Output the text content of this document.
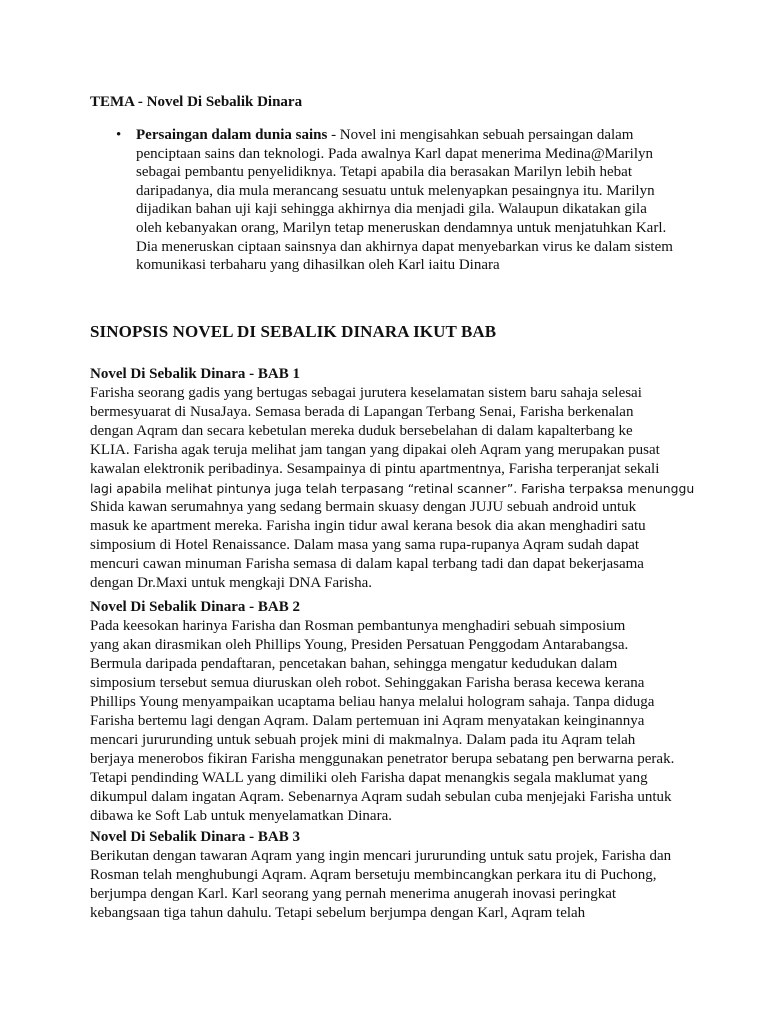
TEMA - Novel Di Sebalik Dinara
• Persaingan dalam dunia sains - Novel ini mengisahkan sebuah persaingan dalam
penciptaan sains dan teknologi. Pada awalnya Karl dapat menerima Medina@Marilyn
sebagai pembantu penyelidiknya. Tetapi apabila dia berasakan Marilyn lebih hebat
daripadanya, dia mula merancang sesuatu untuk melenyapkan pesaingnya itu. Marilyn
dijadikan bahan uji kaji sehingga akhirnya dia menjadi gila. Walaupun dikatakan gila
oleh kebanyakan orang, Marilyn tetap meneruskan dendamnya untuk menjatuhkan Karl.
Dia meneruskan ciptaan sainsnya dan akhirnya dapat menyebarkan virus ke dalam sistem
komunikasi terbaharu yang dihasilkan oleh Karl iaitu Dinara
SINOPSIS NOVEL DI SEBALIK DINARA IKUT BAB
Novel Di Sebalik Dinara - BAB 1
Farisha seorang gadis yang bertugas sebagai jurutera keselamatan sistem baru sahaja selesai
bermesyuarat di NusaJaya. Semasa berada di Lapangan Terbang Senai, Farisha berkenalan
dengan Aqram dan secara kebetulan mereka duduk bersebelahan di dalam kapalterbang ke
KLIA. Farisha agak teruja melihat jam tangan yang dipakai oleh Aqram yang merupakan pusat
kawalan elektronik peribadinya. Sesampainya di pintu apartmentnya, Farisha terperanjat sekali
lagi apabila melihat pintunya juga telah terpasang “retinal scanner”. Farisha terpaksa menunggu
Shida kawan serumahnya yang sedang bermain skuasy dengan JUJU sebuah android untuk
masuk ke apartment mereka. Farisha ingin tidur awal kerana besok dia akan menghadiri satu
simposium di Hotel Renaissance. Dalam masa yang sama rupa-rupanya Aqram sudah dapat
mencuri cawan minuman Farisha semasa di dalam kapal terbang tadi dan dapat bekerjasama
dengan Dr.Maxi untuk mengkaji DNA Farisha.
Novel Di Sebalik Dinara - BAB 2
Pada keesokan harinya Farisha dan Rosman pembantunya menghadiri sebuah simposium
yang akan dirasmikan oleh Phillips Young, Presiden Persatuan Penggodam Antarabangsa.
Bermula daripada pendaftaran, pencetakan bahan, sehingga mengatur kedudukan dalam
simposium tersebut semua diuruskan oleh robot. Sehinggakan Farisha berasa kecewa kerana
Phillips Young menyampaikan ucaptama beliau hanya melalui hologram sahaja. Tanpa diduga
Farisha bertemu lagi dengan Aqram. Dalam pertemuan ini Aqram menyatakan keinginannya
mencari jururunding untuk sebuah projek mini di makmalnya. Dalam pada itu Aqram telah
berjaya menerobos fikiran Farisha menggunakan penetrator berupa sebatang pen berwarna perak.
Tetapi pendinding WALL yang dimiliki oleh Farisha dapat menangkis segala maklumat yang
dikumpul dalam ingatan Aqram. Sebenarnya Aqram sudah sebulan cuba menjejaki Farisha untuk
dibawa ke Soft Lab untuk menyelamatkan Dinara.
Novel Di Sebalik Dinara - BAB 3
Berikutan dengan tawaran Aqram yang ingin mencari jururunding untuk satu projek, Farisha dan
Rosman telah menghubungi Aqram. Aqram bersetuju membincangkan perkara itu di Puchong,
berjumpa dengan Karl. Karl seorang yang pernah menerima anugerah inovasi peringkat
kebangsaan tiga tahun dahulu. Tetapi sebelum berjumpa dengan Karl, Aqram telah
